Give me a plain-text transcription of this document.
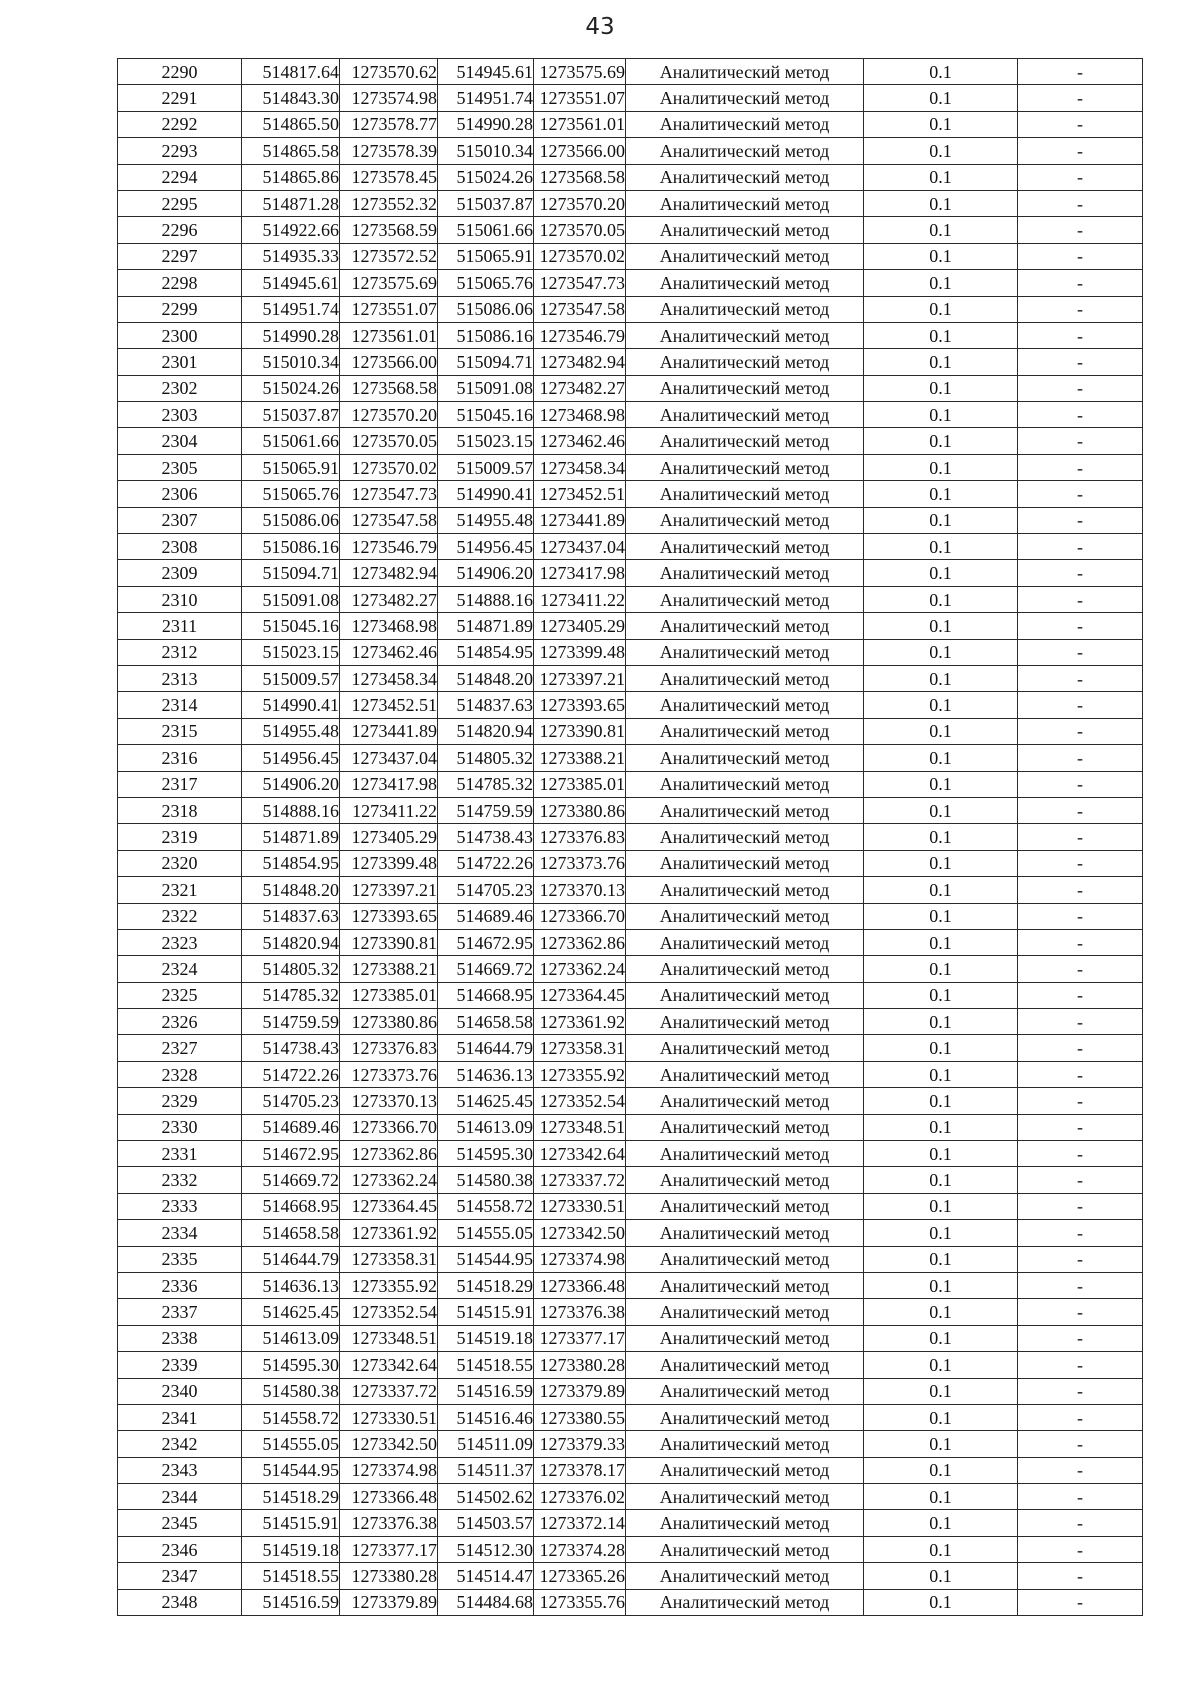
43
2290	514817.64	1273570.62	514945.61	1273575.69	Аналитический метод	0.1	-
2291	514843.30	1273574.98	514951.74	1273551.07	Аналитический метод	0.1	-
2292	514865.50	1273578.77	514990.28	1273561.01	Аналитический метод	0.1	-
2293	514865.58	1273578.39	515010.34	1273566.00	Аналитический метод	0.1	-
2294	514865.86	1273578.45	515024.26	1273568.58	Аналитический метод	0.1	-
2295	514871.28	1273552.32	515037.87	1273570.20	Аналитический метод	0.1	-
2296	514922.66	1273568.59	515061.66	1273570.05	Аналитический метод	0.1	-
2297	514935.33	1273572.52	515065.91	1273570.02	Аналитический метод	0.1	-
2298	514945.61	1273575.69	515065.76	1273547.73	Аналитический метод	0.1	-
2299	514951.74	1273551.07	515086.06	1273547.58	Аналитический метод	0.1	-
2300	514990.28	1273561.01	515086.16	1273546.79	Аналитический метод	0.1	-
2301	515010.34	1273566.00	515094.71	1273482.94	Аналитический метод	0.1	-
2302	515024.26	1273568.58	515091.08	1273482.27	Аналитический метод	0.1	-
2303	515037.87	1273570.20	515045.16	1273468.98	Аналитический метод	0.1	-
2304	515061.66	1273570.05	515023.15	1273462.46	Аналитический метод	0.1	-
2305	515065.91	1273570.02	515009.57	1273458.34	Аналитический метод	0.1	-
2306	515065.76	1273547.73	514990.41	1273452.51	Аналитический метод	0.1	-
2307	515086.06	1273547.58	514955.48	1273441.89	Аналитический метод	0.1	-
2308	515086.16	1273546.79	514956.45	1273437.04	Аналитический метод	0.1	-
2309	515094.71	1273482.94	514906.20	1273417.98	Аналитический метод	0.1	-
2310	515091.08	1273482.27	514888.16	1273411.22	Аналитический метод	0.1	-
2311	515045.16	1273468.98	514871.89	1273405.29	Аналитический метод	0.1	-
2312	515023.15	1273462.46	514854.95	1273399.48	Аналитический метод	0.1	-
2313	515009.57	1273458.34	514848.20	1273397.21	Аналитический метод	0.1	-
2314	514990.41	1273452.51	514837.63	1273393.65	Аналитический метод	0.1	-
2315	514955.48	1273441.89	514820.94	1273390.81	Аналитический метод	0.1	-
2316	514956.45	1273437.04	514805.32	1273388.21	Аналитический метод	0.1	-
2317	514906.20	1273417.98	514785.32	1273385.01	Аналитический метод	0.1	-
2318	514888.16	1273411.22	514759.59	1273380.86	Аналитический метод	0.1	-
2319	514871.89	1273405.29	514738.43	1273376.83	Аналитический метод	0.1	-
2320	514854.95	1273399.48	514722.26	1273373.76	Аналитический метод	0.1	-
2321	514848.20	1273397.21	514705.23	1273370.13	Аналитический метод	0.1	-
2322	514837.63	1273393.65	514689.46	1273366.70	Аналитический метод	0.1	-
2323	514820.94	1273390.81	514672.95	1273362.86	Аналитический метод	0.1	-
2324	514805.32	1273388.21	514669.72	1273362.24	Аналитический метод	0.1	-
2325	514785.32	1273385.01	514668.95	1273364.45	Аналитический метод	0.1	-
2326	514759.59	1273380.86	514658.58	1273361.92	Аналитический метод	0.1	-
2327	514738.43	1273376.83	514644.79	1273358.31	Аналитический метод	0.1	-
2328	514722.26	1273373.76	514636.13	1273355.92	Аналитический метод	0.1	-
2329	514705.23	1273370.13	514625.45	1273352.54	Аналитический метод	0.1	-
2330	514689.46	1273366.70	514613.09	1273348.51	Аналитический метод	0.1	-
2331	514672.95	1273362.86	514595.30	1273342.64	Аналитический метод	0.1	-
2332	514669.72	1273362.24	514580.38	1273337.72	Аналитический метод	0.1	-
2333	514668.95	1273364.45	514558.72	1273330.51	Аналитический метод	0.1	-
2334	514658.58	1273361.92	514555.05	1273342.50	Аналитический метод	0.1	-
2335	514644.79	1273358.31	514544.95	1273374.98	Аналитический метод	0.1	-
2336	514636.13	1273355.92	514518.29	1273366.48	Аналитический метод	0.1	-
2337	514625.45	1273352.54	514515.91	1273376.38	Аналитический метод	0.1	-
2338	514613.09	1273348.51	514519.18	1273377.17	Аналитический метод	0.1	-
2339	514595.30	1273342.64	514518.55	1273380.28	Аналитический метод	0.1	-
2340	514580.38	1273337.72	514516.59	1273379.89	Аналитический метод	0.1	-
2341	514558.72	1273330.51	514516.46	1273380.55	Аналитический метод	0.1	-
2342	514555.05	1273342.50	514511.09	1273379.33	Аналитический метод	0.1	-
2343	514544.95	1273374.98	514511.37	1273378.17	Аналитический метод	0.1	-
2344	514518.29	1273366.48	514502.62	1273376.02	Аналитический метод	0.1	-
2345	514515.91	1273376.38	514503.57	1273372.14	Аналитический метод	0.1	-
2346	514519.18	1273377.17	514512.30	1273374.28	Аналитический метод	0.1	-
2347	514518.55	1273380.28	514514.47	1273365.26	Аналитический метод	0.1	-
2348	514516.59	1273379.89	514484.68	1273355.76	Аналитический метод	0.1	-
